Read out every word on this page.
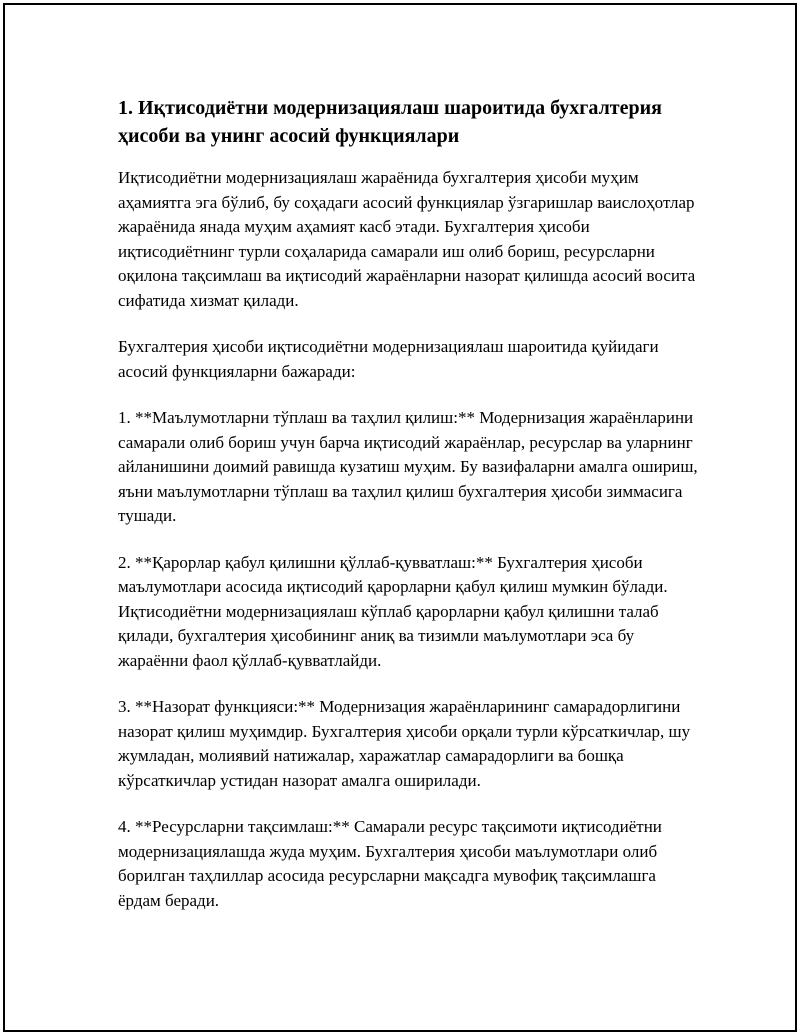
1. Иқтисодиётни модернизациялаш шароитида бухгалтерия ҳисоби ва унинг асосий функциялари

Иқтисодиётни модернизациялаш жараёнида бухгалтерия ҳисоби муҳим аҳамиятга эга бўлиб, бу соҳадаги асосий функциялар ўзгаришлар ваислоҳотлар жараёнида янада муҳим аҳамият касб этади. Бухгалтерия ҳисоби иқтисодиётнинг турли соҳаларида самарали иш олиб бориш, ресурсларни оқилона тақсимлаш ва иқтисодий жараёнларни назорат қилишда асосий восита сифатида хизмат қилади.

Бухгалтерия ҳисоби иқтисодиётни модернизациялаш шароитида қуйидаги асосий функцияларни бажаради:

1. **Маълумотларни тўплаш ва таҳлил қилиш:** Модернизация жараёнларини самарали олиб бориш учун барча иқтисодий жараёнлар, ресурслар ва уларнинг айланишини доимий равишда кузатиш муҳим. Бу вазифаларни амалга ошириш, яъни маълумотларни тўплаш ва таҳлил қилиш бухгалтерия ҳисоби зиммасига тушади.

2. **Қарорлар қабул қилишни қўллаб-қувватлаш:** Бухгалтерия ҳисоби маълумотлари асосида иқтисодий қарорларни қабул қилиш мумкин бўлади. Иқтисодиётни модернизациялаш кўплаб қарорларни қабул қилишни талаб қилади, бухгалтерия ҳисобининг аниқ ва тизимли маълумотлари эса бу жараённи фаол қўллаб-қувватлайди.

3. **Назорат функцияси:** Модернизация жараёнларининг самарадорлигини назорат қилиш муҳимдир. Бухгалтерия ҳисоби орқали турли кўрсаткичлар, шу жумладан, молиявий натижалар, харажатлар самарадорлиги ва бошқа кўрсаткичлар устидан назорат амалга оширилади.

4. **Ресурсларни тақсимлаш:** Самарали ресурс тақсимоти иқтисодиётни модернизациялашда жуда муҳим. Бухгалтерия ҳисоби маълумотлари олиб борилган таҳлиллар асосида ресурсларни мақсадга мувофиқ тақсимлашга ёрдам беради.
